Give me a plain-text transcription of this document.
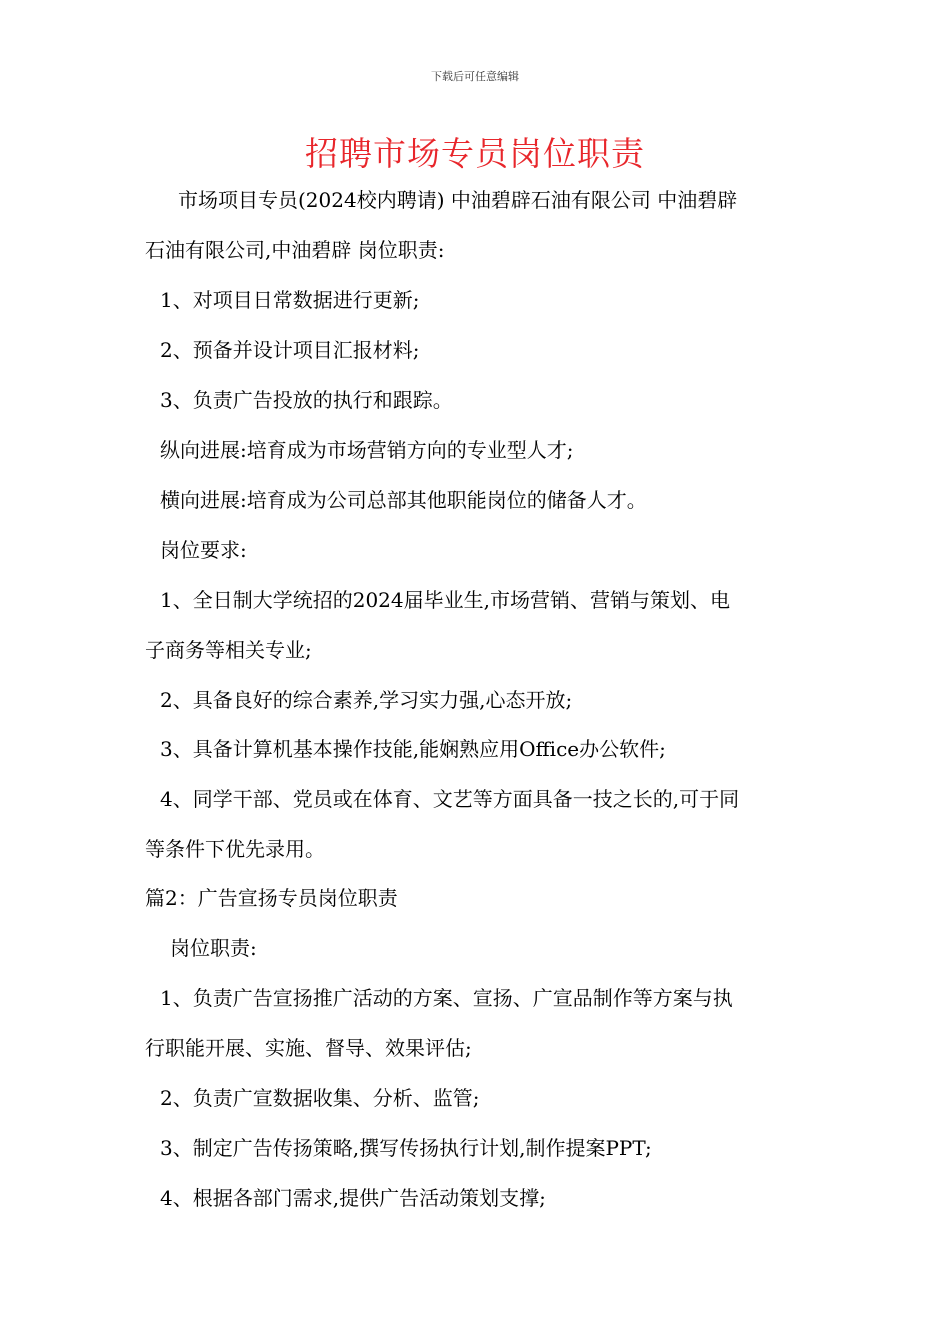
下载后可任意编辑
招聘市场专员岗位职责
市场项目专员(2024校内聘请) 中油碧辟石油有限公司 中油碧辟
石油有限公司,中油碧辟 岗位职责:
1、对项目日常数据进行更新;
2、预备并设计项目汇报材料;
3、负责广告投放的执行和跟踪。
纵向进展:培育成为市场营销方向的专业型人才;
横向进展:培育成为公司总部其他职能岗位的储备人才。
岗位要求:
1、全日制大学统招的2024届毕业生,市场营销、营销与策划、电
子商务等相关专业;
2、具备良好的综合素养,学习实力强,心态开放;
3、具备计算机基本操作技能,能娴熟应用Office办公软件;
4、同学干部、党员或在体育、文艺等方面具备一技之长的,可于同
等条件下优先录用。
篇2：广告宣扬专员岗位职责
岗位职责:
1、负责广告宣扬推广活动的方案、宣扬、广宣品制作等方案与执
行职能开展、实施、督导、效果评估;
2、负责广宣数据收集、分析、监管;
3、制定广告传扬策略,撰写传扬执行计划,制作提案PPT;
4、根据各部门需求,提供广告活动策划支撑;
